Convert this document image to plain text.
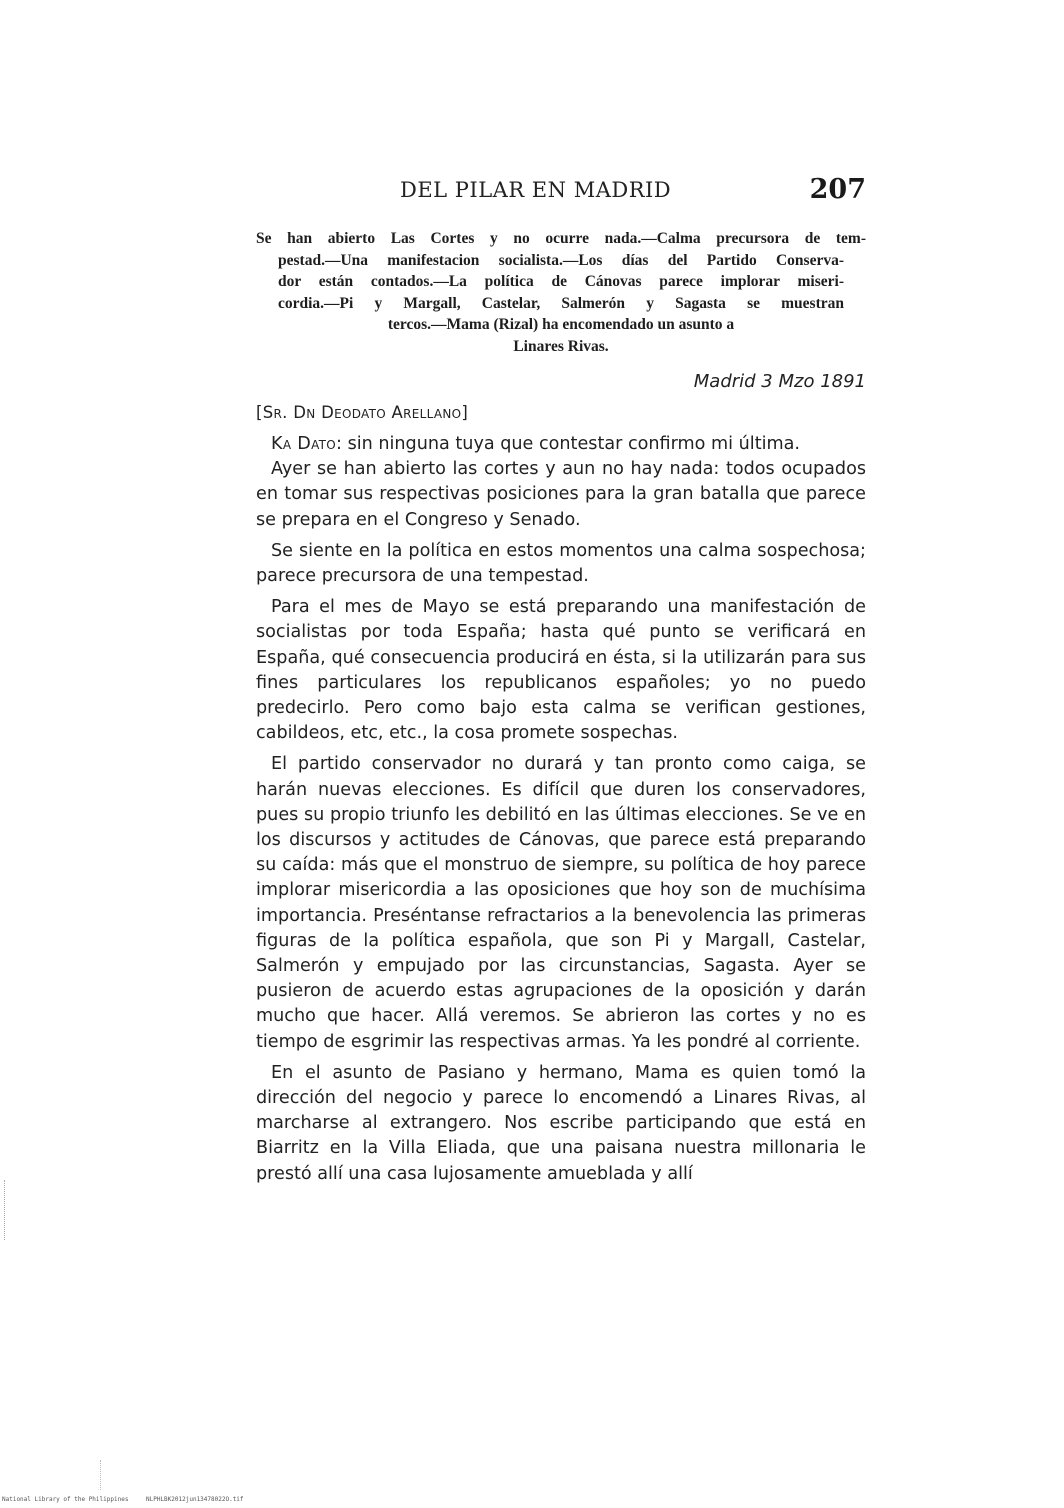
DEL PILAR EN MADRID	207
Se han abierto Las Cortes y no ocurre nada.—Calma precursora de tem-
pestad.—Una manifestacion socialista.—Los días del Partido Conserva-
dor están contados.—La política de Cánovas parece implorar miseri-
cordia.—Pi y Margall, Castelar, Salmerón y Sagasta se muestran
tercos.—Mama (Rizal) ha encomendado un asunto a
Linares Rivas.
Madrid 3 Mzo 1891
[Sr. Dn Deodato Arellano]

Ka Dato: sin ninguna tuya que contestar confirmo mi última.

Ayer se han abierto las cortes y aun no hay nada: todos ocupados en tomar sus respectivas posiciones para la gran batalla que parece se prepara en el Congreso y Senado.

Se siente en la política en estos momentos una calma sospechosa; parece precursora de una tempestad.

Para el mes de Mayo se está preparando una manifestación de socialistas por toda España; hasta qué punto se verificará en España, qué consecuencia producirá en ésta, si la utilizarán para sus fines particulares los republicanos españoles; yo no puedo predecirlo. Pero como bajo esta calma se verifican gestiones, cabildeos, etc, etc., la cosa promete sospechas.

El partido conservador no durará y tan pronto como caiga, se harán nuevas elecciones. Es difícil que duren los conservadores, pues su propio triunfo les debilitó en las últimas elecciones. Se ve en los discursos y actitudes de Cánovas, que parece está preparando su caída: más que el monstruo de siempre, su política de hoy parece implorar misericordia a las oposiciones que hoy son de muchísima importancia. Preséntanse refractarios a la benevolencia las primeras figuras de la política española, que son Pi y Margall, Castelar, Salmerón y empujado por las circunstancias, Sagasta. Ayer se pusieron de acuerdo estas agrupaciones de la oposición y darán mucho que hacer. Allá veremos. Se abrieron las cortes y no es tiempo de esgrimir las respectivas armas. Ya les pondré al corriente.

En el asunto de Pasiano y hermano, Mama es quien tomó la dirección del negocio y parece lo encomendó a Linares Rivas, al marcharse al extrangero. Nos escribe participando que está en Biarritz en la Villa Eliada, que una paisana nuestra millonaria le prestó allí una casa lujosamente amueblada y allí

National Library of the Philippines	NLPHLBK2012jun13478022O.tif
